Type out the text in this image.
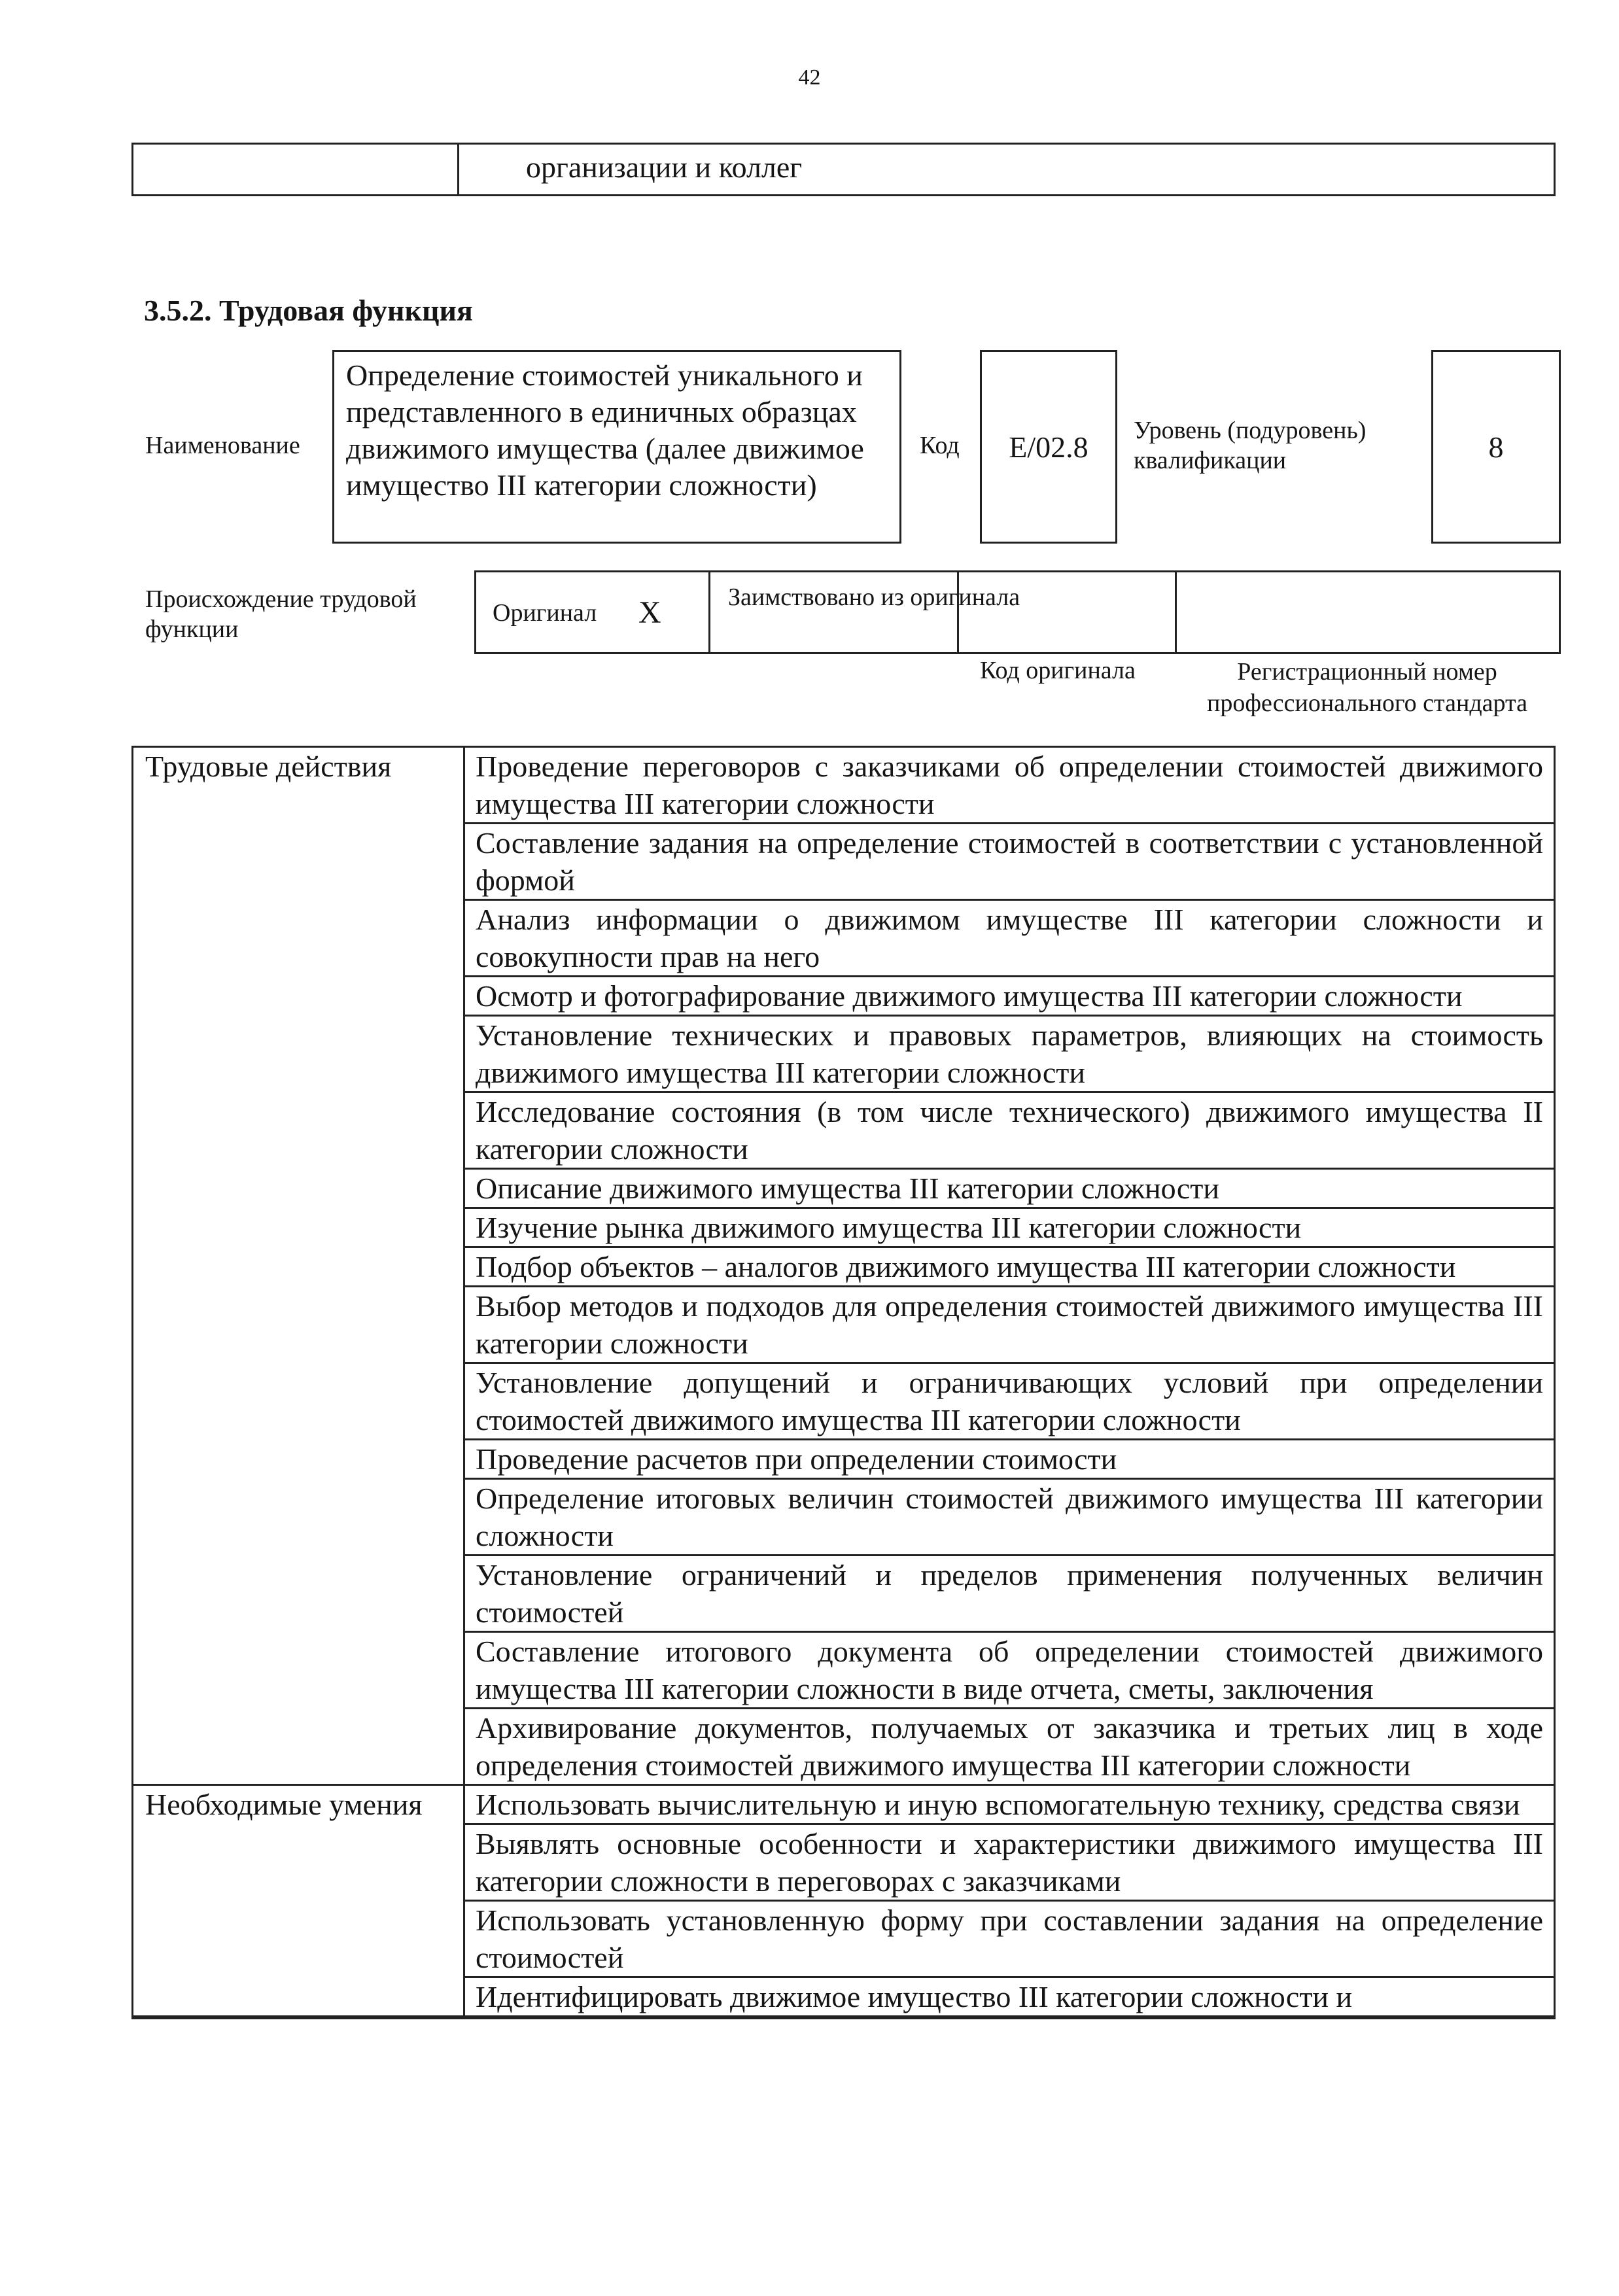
42
организации и коллег
3.5.2. Трудовая функция
Наименование
Определение стоимостей уникального и представленного в единичных образцах движимого имущества (далее движимое имущество III категории сложности)
Код	E/02.8	Уровень (подуровень) квалификации	8
Происхождение трудовой функции
Оригинал X	Заимствовано из оригинала
Код оригинала	Регистрационный номер профессионального стандарта
Трудовые действия	Проведение переговоров с заказчиками об определении стоимостей движимого имущества III категории сложности
	Составление задания на определение стоимостей в соответствии с установленной формой
	Анализ информации о движимом имуществе III категории сложности и совокупности прав на него
	Осмотр и фотографирование движимого имущества III категории сложности
	Установление технических и правовых параметров, влияющих на стоимость движимого имущества III категории сложности
	Исследование состояния (в том числе технического) движимого имущества II категории сложности
	Описание движимого имущества III категории сложности
	Изучение рынка движимого имущества III категории сложности
	Подбор объектов – аналогов движимого имущества III категории сложности
	Выбор методов и подходов для определения стоимостей движимого имущества III категории сложности
	Установление допущений и ограничивающих условий при определении стоимостей движимого имущества III категории сложности
	Проведение расчетов при определении стоимости
	Определение итоговых величин стоимостей движимого имущества III категории сложности
	Установление ограничений и пределов применения полученных величин стоимостей
	Составление итогового документа об определении стоимостей движимого имущества III категории сложности в виде отчета, сметы, заключения
	Архивирование документов, получаемых от заказчика и третьих лиц в ходе определения стоимостей движимого имущества III категории сложности
Необходимые умения	Использовать вычислительную и иную вспомогательную технику, средства связи
	Выявлять основные особенности и характеристики движимого имущества III категории сложности в переговорах с заказчиками
	Использовать установленную форму при составлении задания на определение стоимостей
	Идентифицировать движимое имущество III категории сложности и
